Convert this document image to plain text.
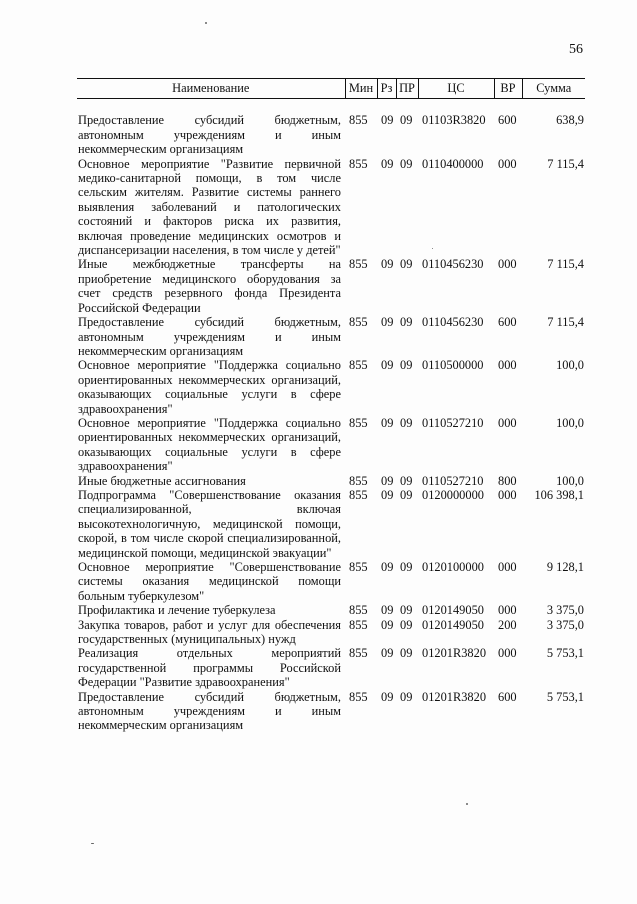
56
Наименование	Мин	Рз	ПР	ЦС	ВР	Сумма
Предоставление субсидий бюджетным, автономным учреждениям и иным некоммерческим организациям	855	09	09	01103R3820	600	638,9
Основное мероприятие "Развитие первичной медико-санитарной помощи, в том числе сельским жителям. Развитие системы раннего выявления заболеваний и патологических состояний и факторов риска их развития, включая проведение медицинских осмотров и диспансеризации населения, в том числе у детей"	855	09	09	0110400000	000	7 115,4
Иные межбюджетные трансферты на приобретение медицинского оборудования за счет средств резервного фонда Президента Российской Федерации	855	09	09	0110456230	000	7 115,4
Предоставление субсидий бюджетным, автономным учреждениям и иным некоммерческим организациям	855	09	09	0110456230	600	7 115,4
Основное мероприятие "Поддержка социально ориентированных некоммерческих организаций, оказывающих социальные услуги в сфере здравоохранения"	855	09	09	0110500000	000	100,0
Основное мероприятие "Поддержка социально ориентированных некоммерческих организаций, оказывающих социальные услуги в сфере здравоохранения"	855	09	09	0110527210	000	100,0
Иные бюджетные ассигнования	855	09	09	0110527210	800	100,0
Подпрограмма "Совершенствование оказания специализированной, включая высокотехнологичную, медицинской помощи, скорой, в том числе скорой специализированной, медицинской помощи, медицинской эвакуации"	855	09	09	0120000000	000	106 398,1
Основное мероприятие "Совершенствование системы оказания медицинской помощи больным туберкулезом"	855	09	09	0120100000	000	9 128,1
Профилактика и лечение туберкулеза	855	09	09	0120149050	000	3 375,0
Закупка товаров, работ и услуг для обеспечения государственных (муниципальных) нужд	855	09	09	0120149050	200	3 375,0
Реализация отдельных мероприятий государственной программы Российской Федерации "Развитие здравоохранения"	855	09	09	01201R3820	000	5 753,1
Предоставление субсидий бюджетным, автономным учреждениям и иным некоммерческим организациям	855	09	09	01201R3820	600	5 753,1
